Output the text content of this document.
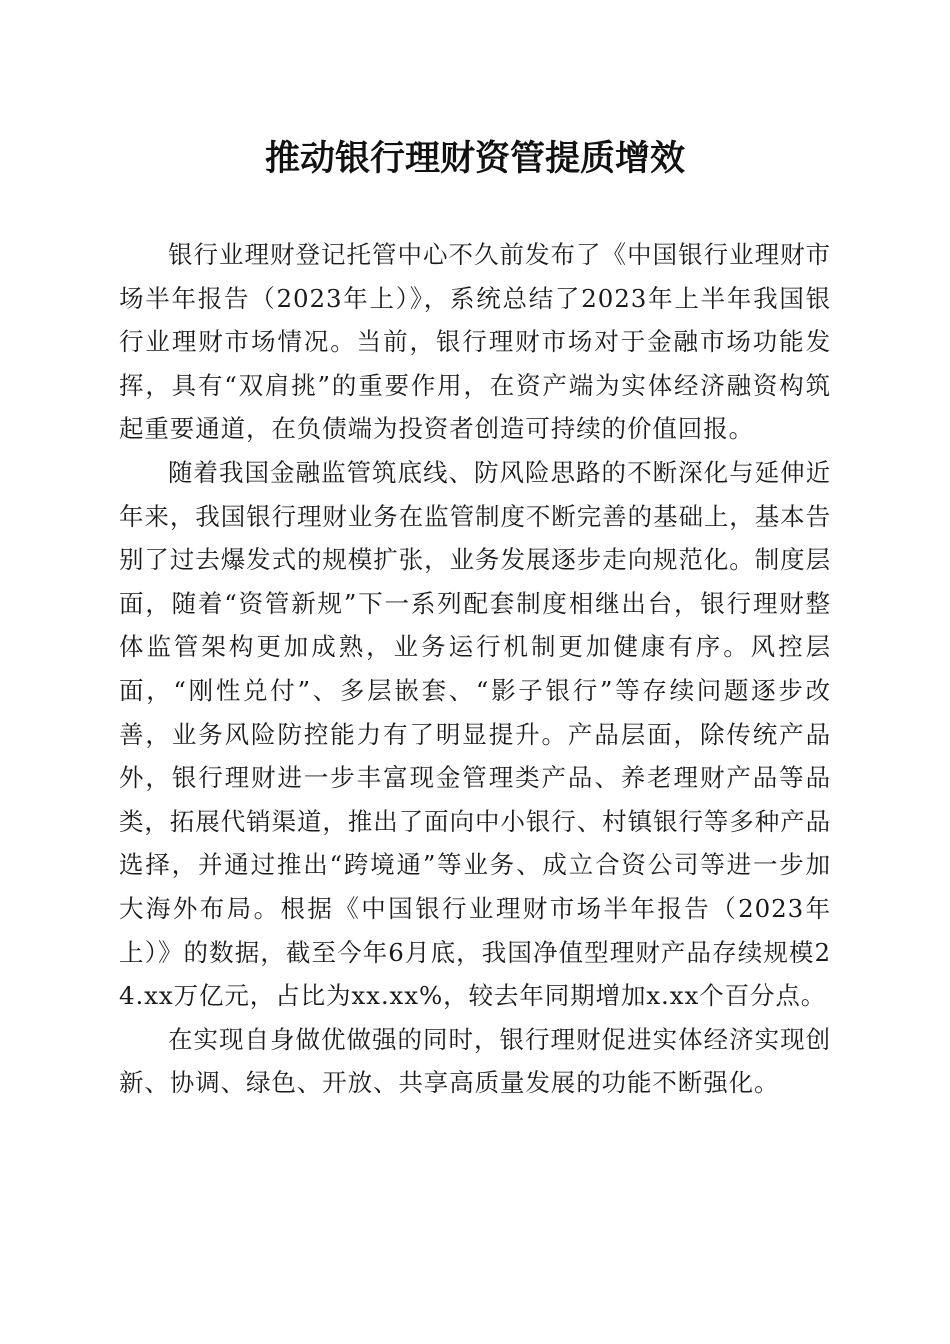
推动银行理财资管提质增效

银行业理财登记托管中心不久前发布了《中国银行业理财市场半年报告（2023年上）》，系统总结了2023年上半年我国银行业理财市场情况。当前，银行理财市场对于金融市场功能发挥，具有“双肩挑”的重要作用，在资产端为实体经济融资构筑起重要通道，在负债端为投资者创造可持续的价值回报。

随着我国金融监管筑底线、防风险思路的不断深化与延伸近年来，我国银行理财业务在监管制度不断完善的基础上，基本告别了过去爆发式的规模扩张，业务发展逐步走向规范化。制度层面，随着“资管新规”下一系列配套制度相继出台，银行理财整体监管架构更加成熟，业务运行机制更加健康有序。风控层面，“刚性兑付”、多层嵌套、“影子银行”等存续问题逐步改善，业务风险防控能力有了明显提升。产品层面，除传统产品外，银行理财进一步丰富现金管理类产品、养老理财产品等品类，拓展代销渠道，推出了面向中小银行、村镇银行等多种产品选择，并通过推出“跨境通”等业务、成立合资公司等进一步加大海外布局。根据《中国银行业理财市场半年报告（2023年上）》的数据，截至今年6月底，我国净值型理财产品存续规模24.xx万亿元，占比为xx.xx%，较去年同期增加x.xx个百分点。

在实现自身做优做强的同时，银行理财促进实体经济实现创新、协调、绿色、开放、共享高质量发展的功能不断强化。
